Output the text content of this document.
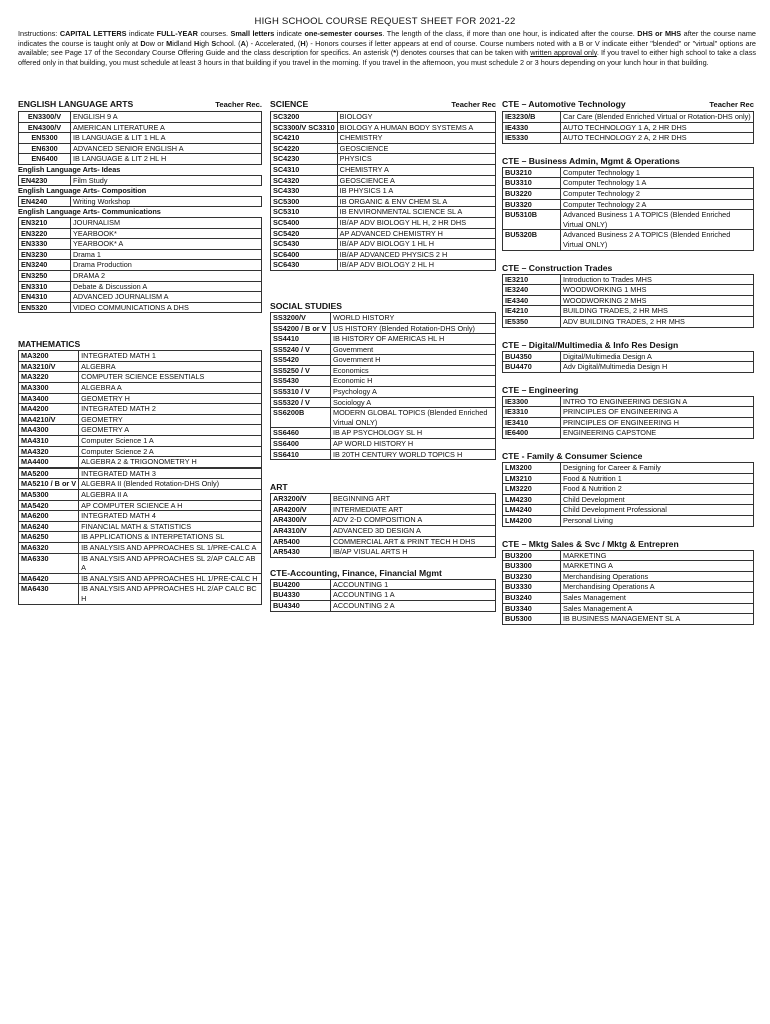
HIGH SCHOOL COURSE REQUEST SHEET FOR 2021-22
Instructions: CAPITAL LETTERS indicate FULL-YEAR courses. Small letters indicate one-semester courses. The length of the class, if more than one hour, is indicated after the course. DHS or MHS after the course name indicates the course is taught only at Dow or Midland High School. (A) - Accelerated, (H) - Honors courses if letter appears at end of course. Course numbers noted with a B or V indicate either "blended" or "virtual" options are available; see Page 17 of the Secondary Course Offering Guide and the class description for specifics. An asterisk (*) denotes courses that can be taken with written approval only. If you travel to either high school to take a class offered only in that building, you must schedule at least 3 hours in that building if you travel in the morning. If you travel in the afternoon, you must schedule 2 or 3 hours depending on your lunch hour in that building.
ENGLISH LANGUAGE ARTS	Teacher Rec.
EN3300/V	ENGLISH 9 A
EN4300/V	AMERICAN LITERATURE A
EN5300	IB LANGUAGE & LIT 1 HL A
EN6300	ADVANCED SENIOR ENGLISH A
EN6400	IB LANGUAGE & LIT 2 HL H
English Language Arts- Ideas
EN4230	Film Study
English Language Arts- Composition
EN4240	Writing Workshop
English Language Arts- Communications
EN3210	JOURNALISM
EN3220	YEARBOOK*
EN3330	YEARBOOK* A
EN3230	Drama 1
EN3240	Drama Production
EN3250	DRAMA 2
EN3310	Debate & Discussion A
EN4310	ADVANCED JOURNALISM A
EN5320	VIDEO COMMUNICATIONS A DHS
MATHEMATICS
MA3200	INTEGRATED MATH 1
MA3210/V	ALGEBRA
MA3220	COMPUTER SCIENCE ESSENTIALS
MA3300	ALGEBRA A
MA3400	GEOMETRY H
MA4200	INTEGRATED MATH 2
MA4210/V	GEOMETRY
MA4300	GEOMETRY A
MA4310	Computer Science 1 A
MA4320	Computer Science 2 A
MA4400	ALGEBRA 2 & TRIGONOMETRY H

MA5200	INTEGRATED MATH 3
MA5210 / B or V	ALGEBRA II (Blended Rotation-DHS Only)
MA5300	ALGEBRA II A
MA5420	AP COMPUTER SCIENCE A H
MA6200	INTEGRATED MATH 4
MA6240	FINANCIAL MATH & STATISTICS
MA6250	IB APPLICATIONS & INTERPETATIONS SL
MA6320	IB ANALYSIS AND APPROACHES SL 1/PRE-CALC A
MA6330	IB ANALYSIS AND APPROACHES SL 2/AP CALC AB A
MA6420	IB ANALYSIS AND APPROACHES HL 1/PRE-CALC H
MA6430	IB ANALYSIS AND APPROACHES HL 2/AP CALC BC H
SCIENCE	Teacher Rec
SC3200	BIOLOGY
SC3300/V SC3310	BIOLOGY A HUMAN BODY SYSTEMS A
SC4210	CHEMISTRY
SC4220	GEOSCIENCE
SC4230	PHYSICS
SC4310	CHEMISTRY A
SC4320	GEOSCIENCE A
SC4330	IB PHYSICS 1 A
SC5300	IB ORGANIC & ENV CHEM SL A
SC5310	IB ENVIRONMENTAL SCIENCE SL A
SC5400	IB/AP ADV BIOLOGY HL H, 2 HR DHS
SC5420	AP ADVANCED CHEMISTRY H
SC5430	IB/AP ADV BIOLOGY 1 HL H
SC6400	IB/AP ADVANCED PHYSICS 2 H
SC6430	IB/AP ADV BIOLOGY 2 HL H
SOCIAL STUDIES
SS3200/V	WORLD HISTORY
SS4200 / B or V	US HISTORY (Blended Rotation-DHS Only)
SS4410	IB HISTORY OF AMERICAS HL H
SS5240 / V	Government
SS5420	Government H
SS5250 / V	Economics
SS5430	Economic H
SS5310 / V	Psychology A
SS5320 / V	Sociology A
SS6200B	MODERN GLOBAL TOPICS (Blended Enriched Virtual ONLY)
SS6460	IB AP PSYCHOLOGY SL H
SS6400	AP WORLD HISTORY H
SS6410	IB 20TH CENTURY WORLD TOPICS H
ART
AR3200/V	BEGINNING ART
AR4200/V	INTERMEDIATE ART
AR4300/V	ADV 2-D COMPOSITION A
AR4310/V	ADVANCED 3D DESIGN A
AR5400	COMMERCIAL ART & PRINT TECH H DHS
AR5430	IB/AP VISUAL ARTS H
CTE-Accounting, Finance, Financial Mgmt
BU4200	ACCOUNTING 1
BU4330	ACCOUNTING 1 A
BU4340	ACCOUNTING 2 A
CTE – Automotive Technology	Teacher Rec
IE3230/B	Car Care (Blended Enriched Virtual or Rotation-DHS only)
IE4330	AUTO TECHNOLOGY 1 A, 2 HR DHS
IE5330	AUTO TECHNOLOGY 2 A, 2 HR DHS
CTE – Business Admin, Mgmt & Operations
BU3210	Computer Technology 1
BU3310	Computer Technology 1 A
BU3220	Computer Technology 2
BU3320	Computer Technology 2 A
BU5310B	Advanced Business 1 A TOPICS (Blended Enriched Virtual ONLY)
BU5320B	Advanced Business 2 A TOPICS (Blended Enriched Virtual ONLY)
CTE – Construction Trades
IE3210	Introduction to Trades MHS
IE3240	WOODWORKING 1 MHS
IE4340	WOODWORKING 2 MHS
IE4210	BUILDING TRADES, 2 HR MHS
IE5350	ADV BUILDING TRADES, 2 HR MHS
CTE – Digital/Multimedia & Info Res Design
BU4350	Digital/Multimedia Design A
BU4470	Adv Digital/Multimedia Design H
CTE – Engineering
IE3300	INTRO TO ENGINEERING DESIGN A
IE3310	PRINCIPLES OF ENGINEERING A
IE3410	PRINCIPLES OF ENGINEERING H
IE6400	ENGINEERING CAPSTONE
CTE - Family & Consumer Science
LM3200	Designing for Career & Family
LM3210	Food & Nutrition 1
LM3220	Food & Nutrition 2
LM4230	Child Development
LM4240	Child Development Professional
LM4200	Personal Living
CTE – Mktg Sales & Svc / Mktg & Entrepren
BU3200	MARKETING
BU3300	MARKETING A
BU3230	Merchandising Operations
BU3330	Merchandising Operations A
BU3240	Sales Management
BU3340	Sales Management A
BU5300	IB BUSINESS MANAGEMENT SL A
